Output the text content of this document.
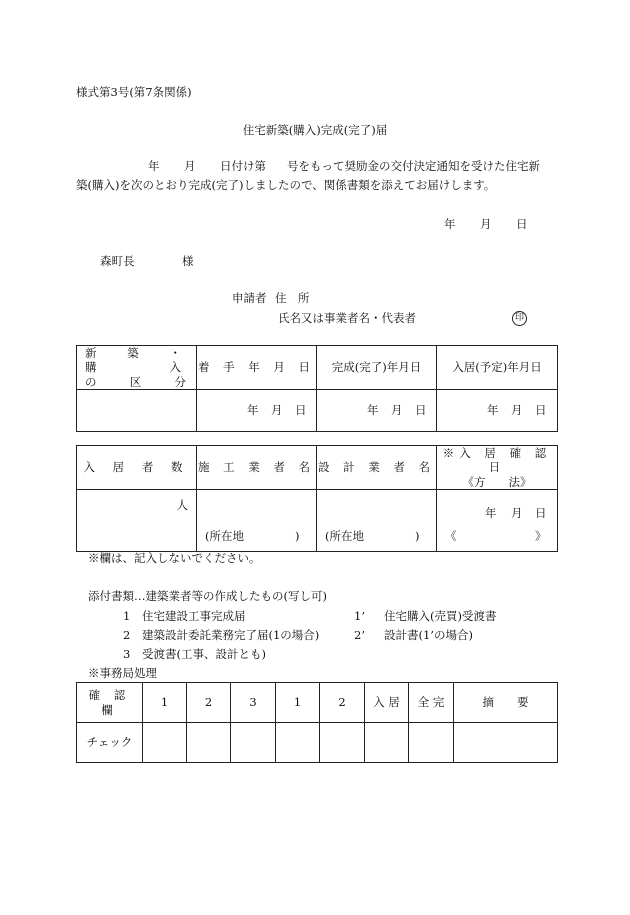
様式第3号(第7条関係)
住宅新築(購入)完成(完了)届
年 月 日付け第 号をもって奨励金の交付決定通知を受けた住宅新
築(購入)を次のとおり完成(完了)しましたので、関係書類を添えてお届けします。
年 月 日
森町長	様
申請者 住　所
氏名又は事業者名・代表者	印
新 築 ・ 購 入
の　区　分	着 手 年 月 日	完成(完了)年月日	入居(予定)年月日

	年 月 日	年 月 日	年 月 日
入 居 者 数	施 工 業 者 名	設 計 業 者 名	※入 居 確 認 日
《方　　法》

人	(所在地 )	(所在地 )	年 月 日
《 》
※欄は、記入しないでください。
添付書類…建築業者等の作成したもの(写し可)
1 住宅建設工事完成届	1’ 住宅購入(売買)受渡書
2 建築設計委託業務完了届(1の場合)	2’ 設計書(1’の場合)
3 受渡書(工事、設計とも)
※事務局処理
確 認 欄	1	2	3	1	2	入 居	全 完	摘　　要
チェック								
